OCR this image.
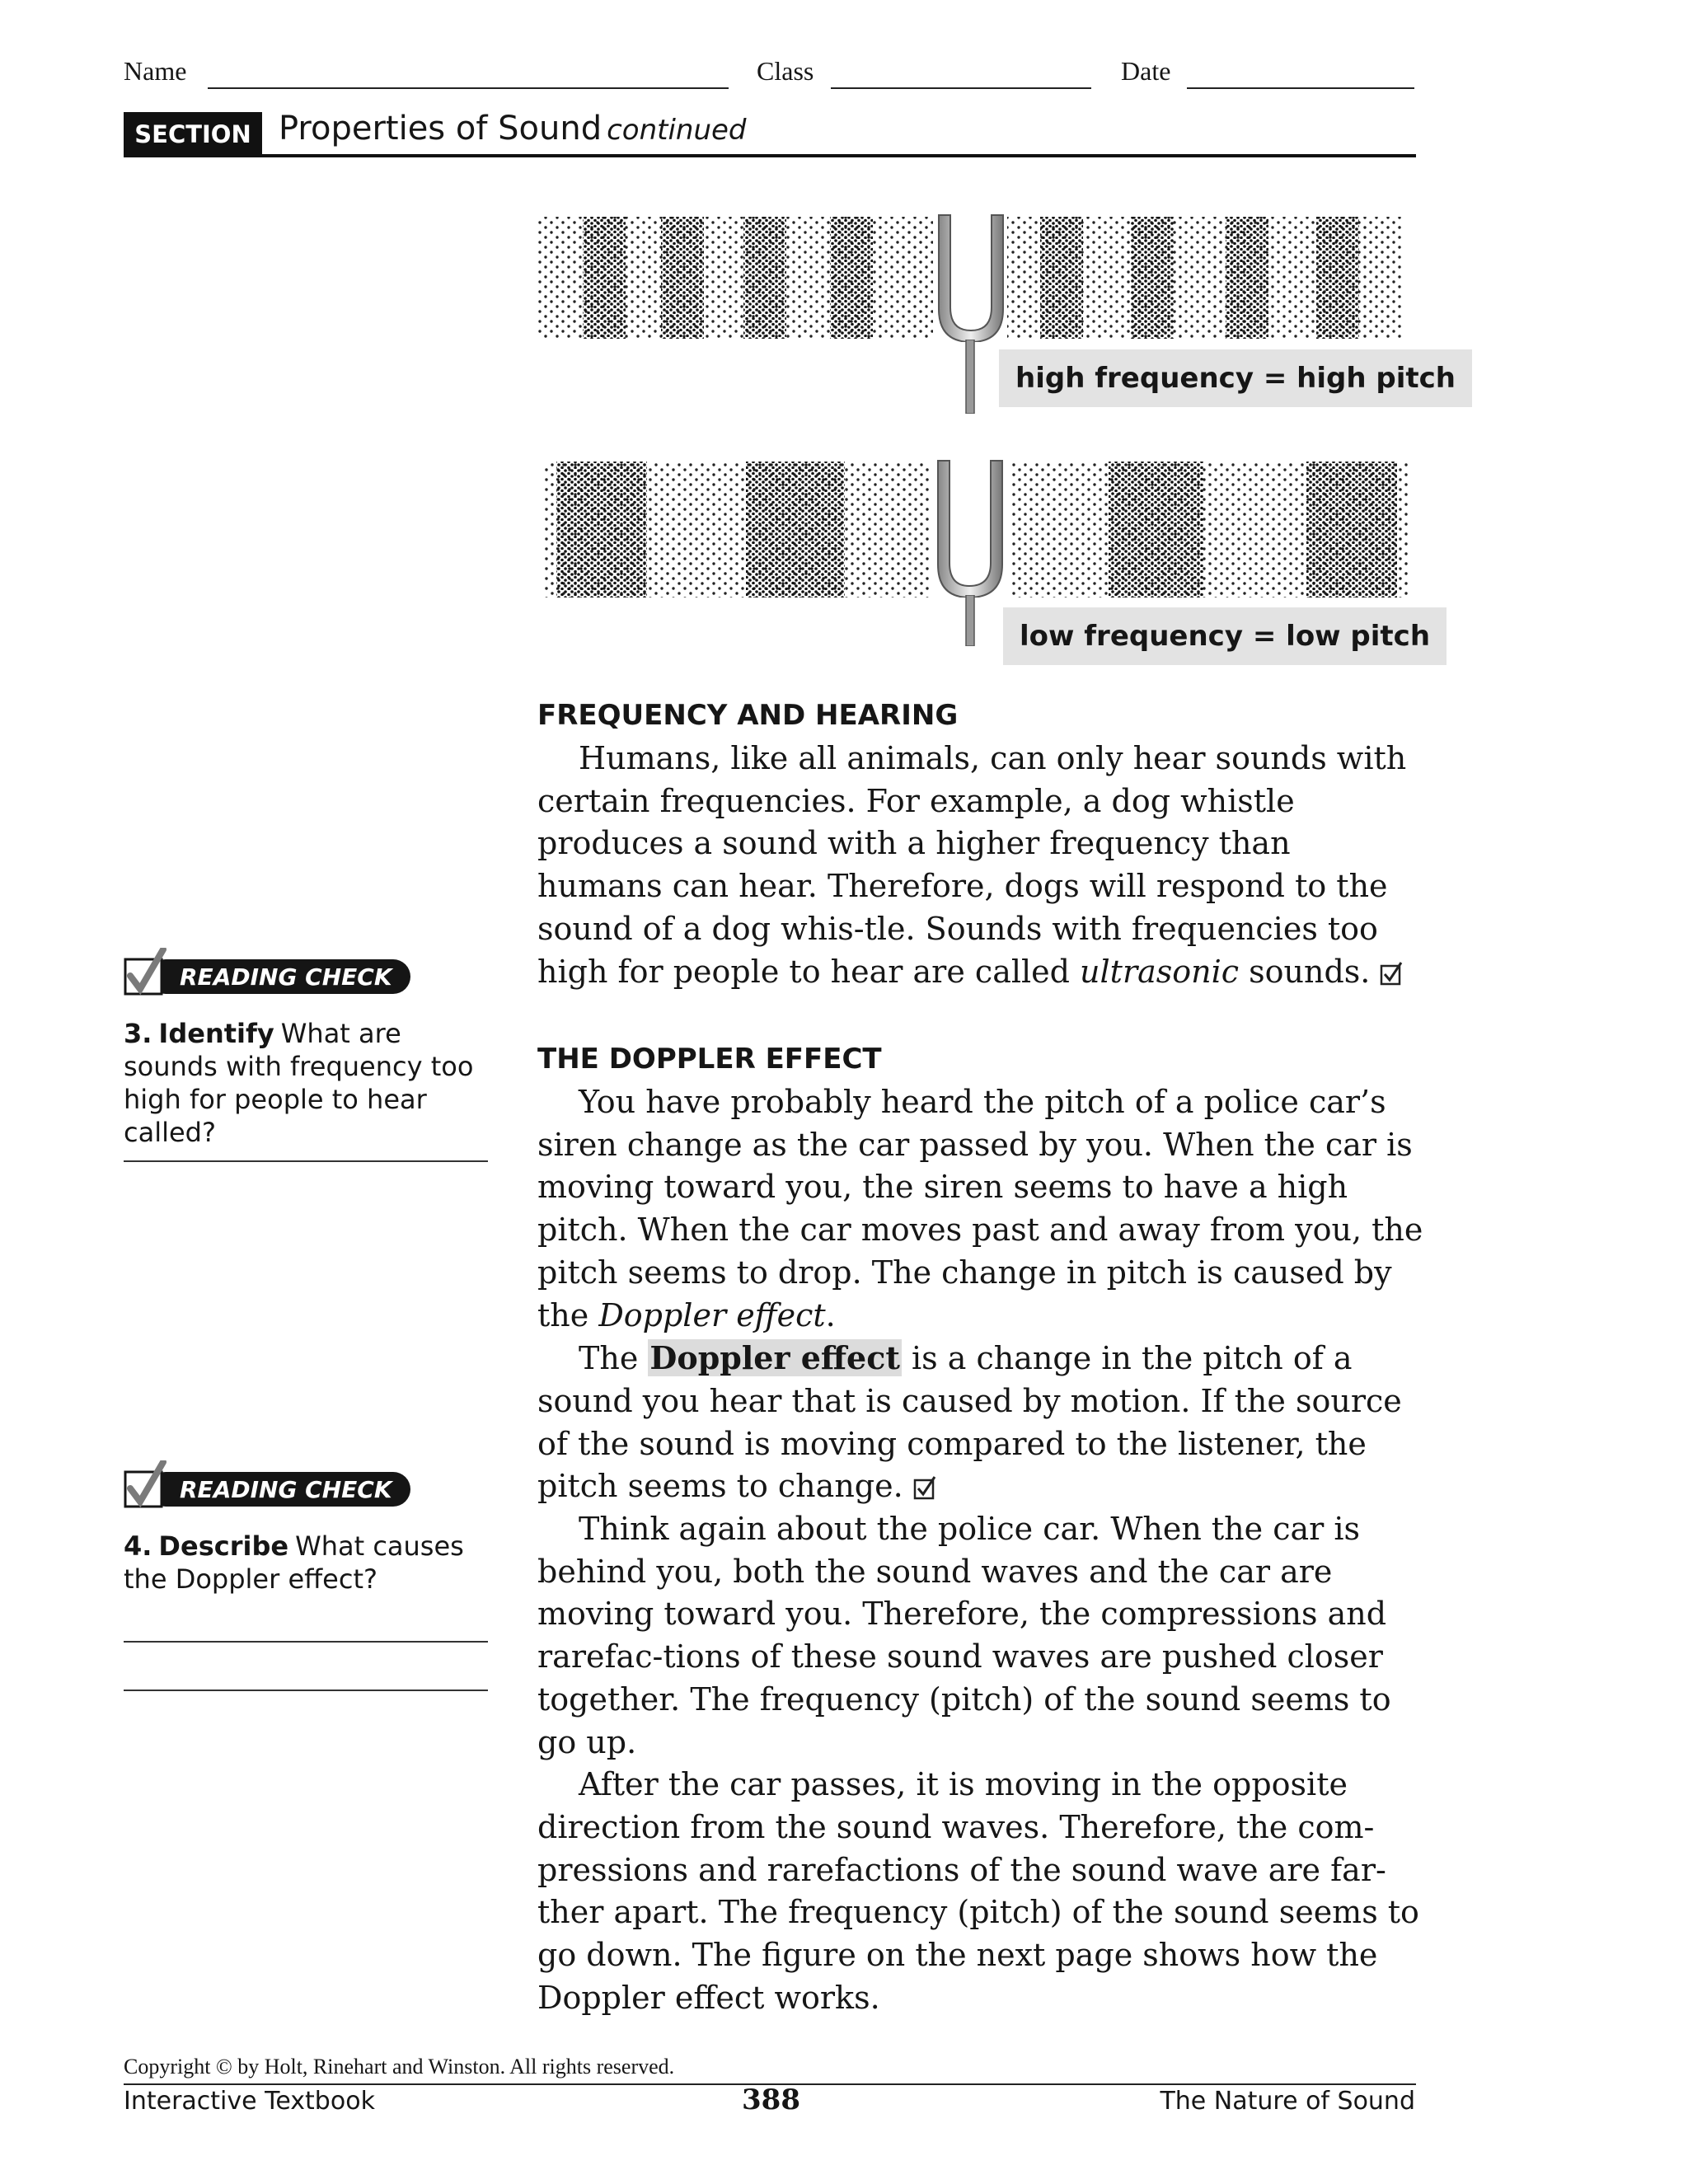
Name	Class	Date
SECTION 2
Properties of Sound continued
high frequency = high pitch
low frequency = low pitch
FREQUENCY AND HEARING

Humans, like all animals, can only hear sounds with certain frequencies. For example, a dog whistle produces a sound with a higher frequency than humans can hear. Therefore, dogs will respond to the sound of a dog whis-tle. Sounds with frequencies too high for people to hear are called ultrasonic sounds.

THE DOPPLER EFFECT

You have probably heard the pitch of a police car’s siren change as the car passed by you. When the car is moving toward you, the siren seems to have a high pitch. When the car moves past and away from you, the pitch seems to drop. The change in pitch is caused by the Doppler effect.

The Doppler effect is a change in the pitch of a sound you hear that is caused by motion. If the source of the sound is moving compared to the listener, the pitch seems to change.

Think again about the police car. When the car is behind you, both the sound waves and the car are moving toward you. Therefore, the compressions and rarefac-tions of these sound waves are pushed closer together. The frequency (pitch) of the sound seems to go up.

After the car passes, it is moving in the opposite direction from the sound waves. Therefore, the com-pressions and rarefactions of the sound wave are far-ther apart. The frequency (pitch) of the sound seems to go down. The figure on the next page shows how the Doppler effect works.

READING CHECK
3. Identify What are sounds with frequency too high for people to hear called?
READING CHECK
4. Describe What causes the Doppler effect?
Copyright © by Holt, Rinehart and Winston. All rights reserved.
Interactive Textbook	388	The Nature of Sound
